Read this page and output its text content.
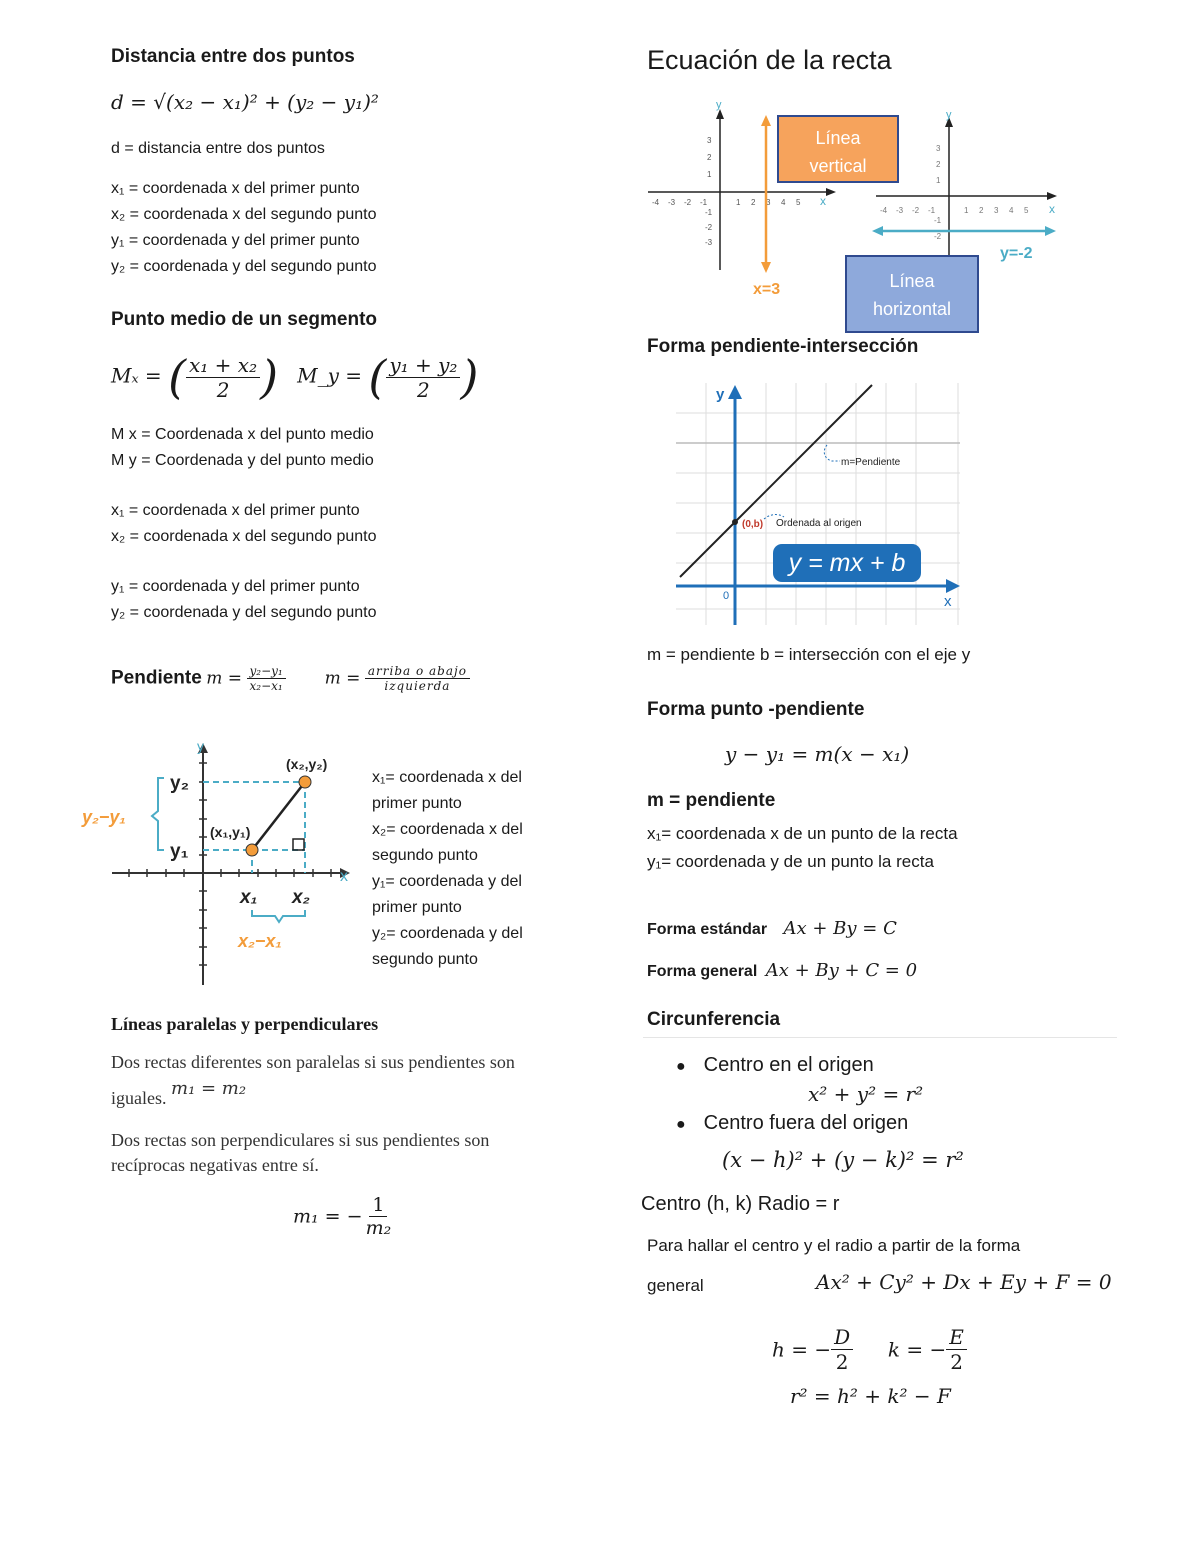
Distancia entre dos puntos
d = √(x₂ − x₁)² + (y₂ − y₁)²
d = distancia entre dos puntos
x₁ = coordenada x del primer punto
x₂ = coordenada x del segundo punto
y₁ = coordenada y del primer punto
y₂ = coordenada y del segundo punto
Punto medio de un segmento
Mₓ = ( $\frac{\text{x₁ + x₂}}{2}$ ) M_y = ( $\frac{\text{y₁ + y₂}}{2}$ )
M x = Coordenada x del punto medio
M y = Coordenada y del punto medio
x₁ = coordenada x del primer punto
x₂ = coordenada x del segundo punto
y₁ = coordenada y del primer punto
y₂ = coordenada y del segundo punto
Pendiente $m = \frac{\text{y₂−y₁}}{\text{x₂−x₁}}$ $m = \frac{\text{arriba o abajo}}{\text{izquierda}}$
y
x
y₂
y₁
x₁ x₂
(x₂,y₂)
(x₁,y₁)
y₂−y₁
x₂−x₁
x₁= coordenada x del
primer punto
x₂= coordenada x del
segundo punto
y₁= coordenada y del
primer punto
y₂= coordenada y del
segundo punto
Líneas paralelas y perpendiculares
Dos rectas diferentes son paralelas si sus pendientes son
iguales. m₁ = m₂
Dos rectas son perpendiculares si sus pendientes son
recíprocas negativas entre sí.
m₁ = − $\frac{1}{\text{m₂}}$
Ecuación de la recta
y
x
-4 -3 -2 -1	1 2 3 4 5
3
2
1
-1
-2
-3
x=3
Línea
vertical
y
x
-4 -3 -2 -1	1 2 3 4 5
3
2
1
-1
-2
y=-2
Línea
horizontal
Forma pendiente-intersección
y
x
0
m=Pendiente
(0,b) Ordenada al origen
y = mx + b
m = pendiente b = intersección con el eje y
Forma punto -pendiente
y − y₁ = m(x − x₁)
m = pendiente
x₁= coordenada x de un punto de la recta
y₁= coordenada y de un punto la recta
Forma estándar Ax + By = C
Forma general Ax + By + C = 0
Circunferencia
● Centro en el origen
x² + y² = r²
● Centro fuera del origen
(x − h)² + (y − k)² = r²
Centro (h, k) Radio = r
Para hallar el centro y el radio a partir de la forma
general	Ax² + Cy² + Dx + Ey + F = 0
h = − $\frac{D}{2}$ k = − $\frac{E}{2}$
r² = h² + k² − F
